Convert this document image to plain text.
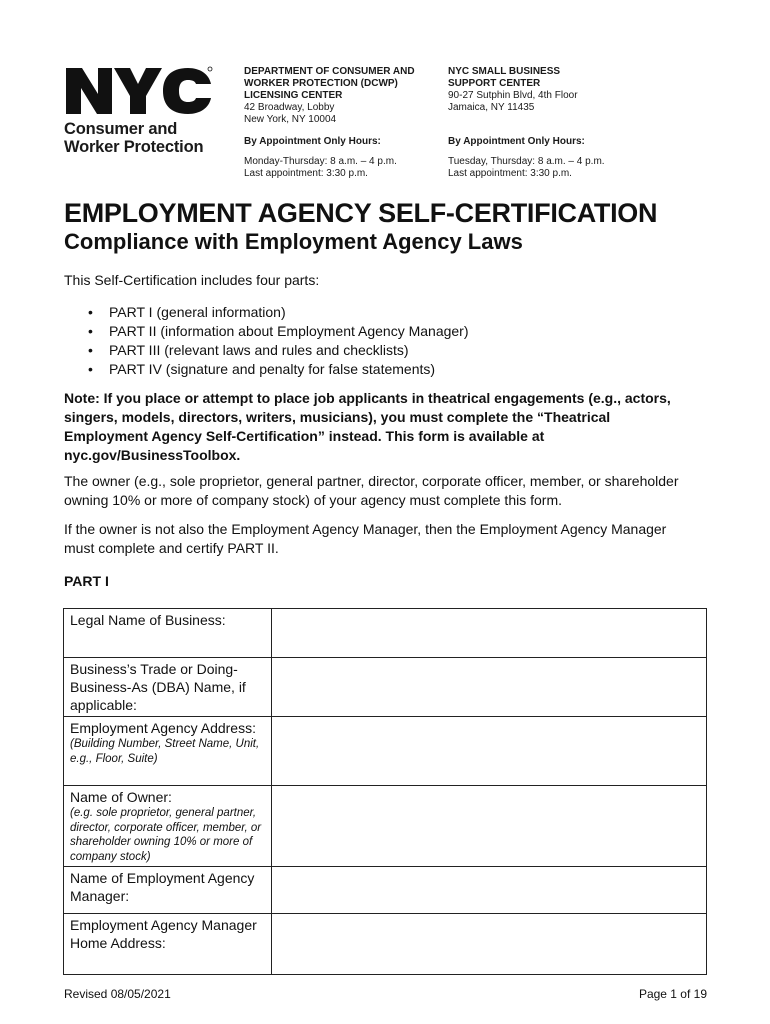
Consumer and
Worker Protection
DEPARTMENT OF CONSUMER AND
WORKER PROTECTION (DCWP)
LICENSING CENTER
42 Broadway, Lobby
New York, NY 10004
By Appointment Only Hours:
Monday-Thursday: 8 a.m. – 4 p.m.
Last appointment: 3:30 p.m.
NYC SMALL BUSINESS
SUPPORT CENTER
90-27 Sutphin Blvd, 4th Floor
Jamaica, NY 11435
By Appointment Only Hours:
Tuesday, Thursday: 8 a.m. – 4 p.m.
Last appointment: 3:30 p.m.
EMPLOYMENT AGENCY SELF-CERTIFICATION
Compliance with Employment Agency Laws

This Self-Certification includes four parts:

• PART I (general information)
• PART II (information about Employment Agency Manager)
• PART III (relevant laws and rules and checklists)
• PART IV (signature and penalty for false statements)

Note: If you place or attempt to place job applicants in theatrical engagements (e.g., actors, singers, models, directors, writers, musicians), you must complete the “Theatrical Employment Agency Self-Certification” instead. This form is available at nyc.gov/BusinessToolbox.

The owner (e.g., sole proprietor, general partner, director, corporate officer, member, or shareholder owning 10% or more of company stock) of your agency must complete this form.

If the owner is not also the Employment Agency Manager, then the Employment Agency Manager must complete and certify PART II.

PART I
Legal Name of Business:	
Business’s Trade or Doing-Business-As (DBA) Name, if applicable:	
Employment Agency Address:
(Building Number, Street Name, Unit, e.g., Floor, Suite)	

Name of Owner:
(e.g. sole proprietor, general partner, director, corporate officer, member, or shareholder owning 10% or more of company stock)	

Name of Employment Agency Manager:	
Employment Agency Manager Home Address:	
Revised 08/05/2021	Page 1 of 19
